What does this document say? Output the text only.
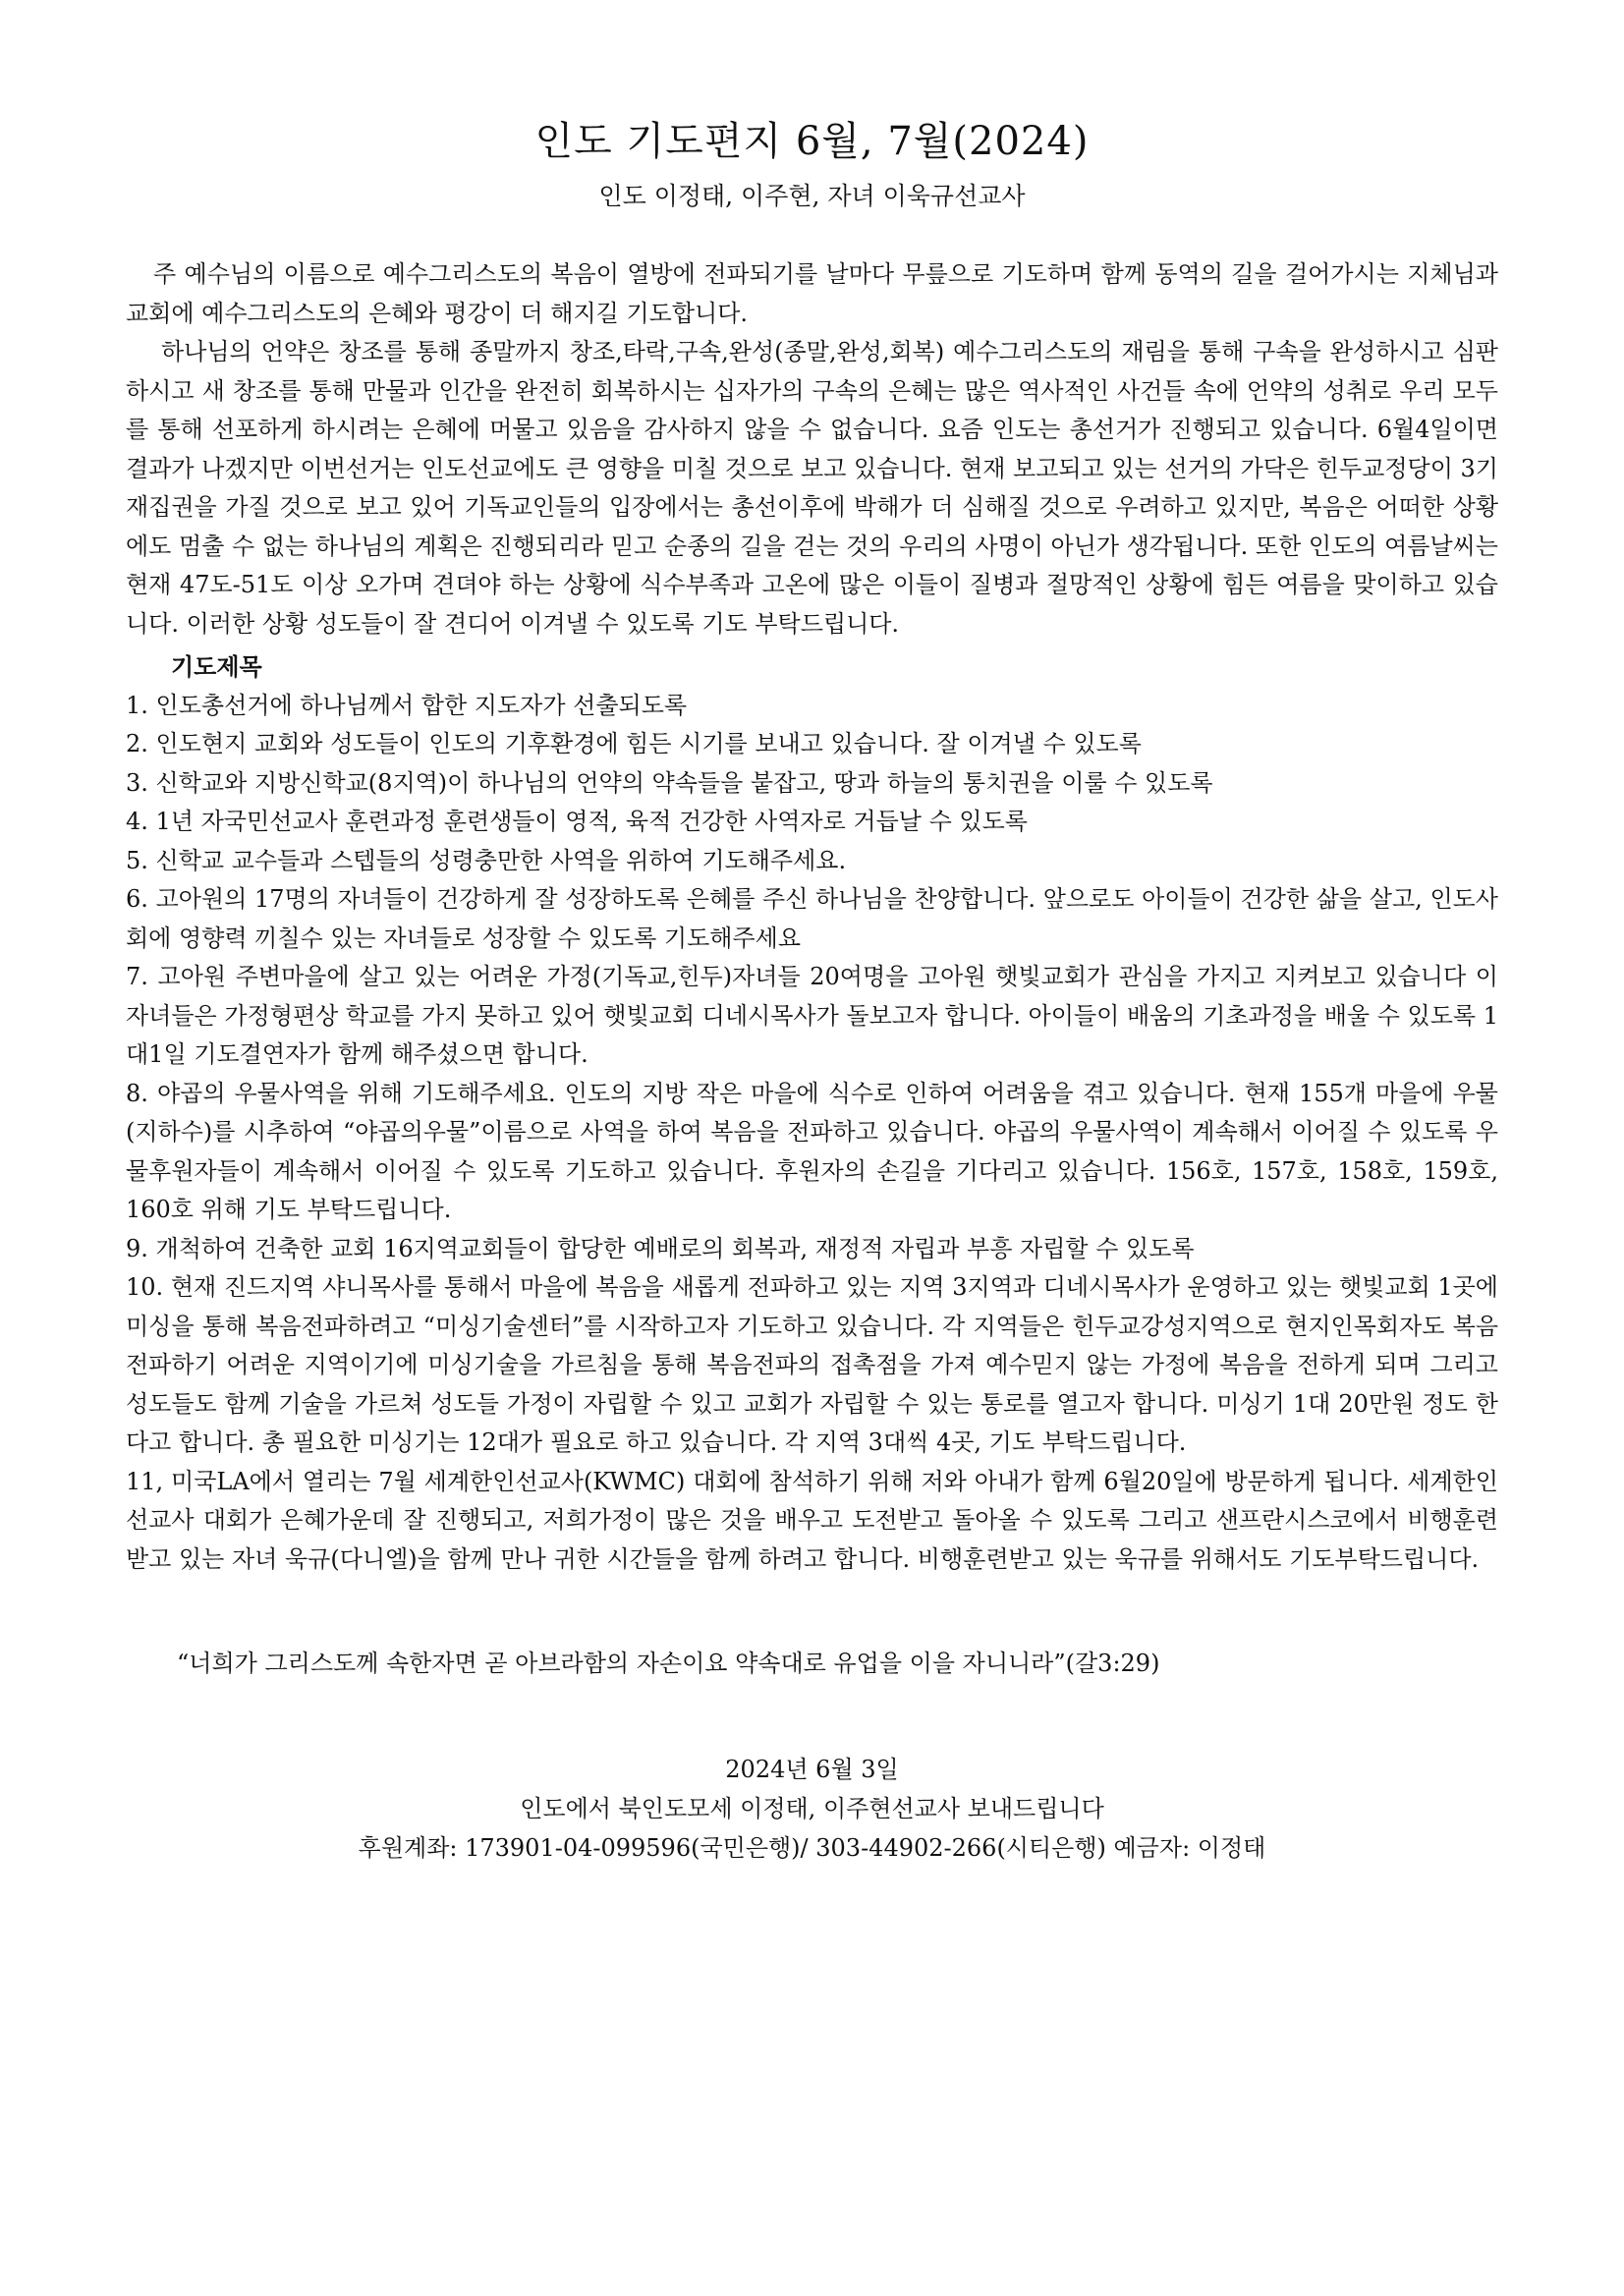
인도 기도편지 6월, 7월(2024)
인도 이정태, 이주현, 자녀 이욱규선교사

주 예수님의 이름으로 예수그리스도의 복음이 열방에 전파되기를 날마다 무릎으로 기도하며 함께 동역의 길을 걸어가시는 지체님과 교회에 예수그리스도의 은혜와 평강이 더 해지길 기도합니다.

하나님의 언약은 창조를 통해 종말까지 창조,타락,구속,완성(종말,완성,회복) 예수그리스도의 재림을 통해 구속을 완성하시고 심판하시고 새 창조를 통해 만물과 인간을 완전히 회복하시는 십자가의 구속의 은혜는 많은 역사적인 사건들 속에 언약의 성취로 우리 모두를 통해 선포하게 하시려는 은혜에 머물고 있음을 감사하지 않을 수 없습니다. 요즘 인도는 총선거가 진행되고 있습니다. 6월4일이면 결과가 나겠지만 이번선거는 인도선교에도 큰 영향을 미칠 것으로 보고 있습니다. 현재 보고되고 있는 선거의 가닥은 힌두교정당이 3기 재집권을 가질 것으로 보고 있어 기독교인들의 입장에서는 총선이후에 박해가 더 심해질 것으로 우려하고 있지만, 복음은 어떠한 상황에도 멈출 수 없는 하나님의 계획은 진행되리라 믿고 순종의 길을 걷는 것의 우리의 사명이 아닌가 생각됩니다. 또한 인도의 여름날씨는 현재 47도-51도 이상 오가며 견뎌야 하는 상황에 식수부족과 고온에 많은 이들이 질병과 절망적인 상황에 힘든 여름을 맞이하고 있습니다. 이러한 상황 성도들이 잘 견디어 이겨낼 수 있도록 기도 부탁드립니다.

기도제목
1. 인도총선거에 하나님께서 합한 지도자가 선출되도록
2. 인도현지 교회와 성도들이 인도의 기후환경에 힘든 시기를 보내고 있습니다. 잘 이겨낼 수 있도록
3. 신학교와 지방신학교(8지역)이 하나님의 언약의 약속들을 붙잡고, 땅과 하늘의 통치권을 이룰 수 있도록
4. 1년 자국민선교사 훈련과정 훈련생들이 영적, 육적 건강한 사역자로 거듭날 수 있도록
5. 신학교 교수들과 스텝들의 성령충만한 사역을 위하여 기도해주세요.
6. 고아원의 17명의 자녀들이 건강하게 잘 성장하도록 은혜를 주신 하나님을 찬양합니다. 앞으로도 아이들이 건강한 삶을 살고, 인도사회에 영향력 끼칠수 있는 자녀들로 성장할 수 있도록 기도해주세요
7. 고아원 주변마을에 살고 있는 어려운 가정(기독교,힌두)자녀들 20여명을 고아원 햇빛교회가 관심을 가지고 지켜보고 있습니다 이 자녀들은 가정형편상 학교를 가지 못하고 있어 햇빛교회 디네시목사가 돌보고자 합니다. 아이들이 배움의 기초과정을 배울 수 있도록 1대1일 기도결연자가 함께 해주셨으면 합니다.
8. 야곱의 우물사역을 위해 기도해주세요. 인도의 지방 작은 마을에 식수로 인하여 어려움을 겪고 있습니다. 현재 155개 마을에 우물(지하수)를 시추하여 “야곱의우물”이름으로 사역을 하여 복음을 전파하고 있습니다. 야곱의 우물사역이 계속해서 이어질 수 있도록 우물후원자들이 계속해서 이어질 수 있도록 기도하고 있습니다. 후원자의 손길을 기다리고 있습니다. 156호, 157호, 158호, 159호, 160호 위해 기도 부탁드립니다.
9. 개척하여 건축한 교회 16지역교회들이 합당한 예배로의 회복과, 재정적 자립과 부흥 자립할 수 있도록
10. 현재 진드지역 샤니목사를 통해서 마을에 복음을 새롭게 전파하고 있는 지역 3지역과 디네시목사가 운영하고 있는 햇빛교회 1곳에 미싱을 통해 복음전파하려고 “미싱기술센터”를 시작하고자 기도하고 있습니다. 각 지역들은 힌두교강성지역으로 현지인목회자도 복음전파하기 어려운 지역이기에 미싱기술을 가르침을 통해 복음전파의 접촉점을 가져 예수믿지 않는 가정에 복음을 전하게 되며 그리고 성도들도 함께 기술을 가르쳐 성도들 가정이 자립할 수 있고 교회가 자립할 수 있는 통로를 열고자 합니다. 미싱기 1대 20만원 정도 한다고 합니다. 총 필요한 미싱기는 12대가 필요로 하고 있습니다. 각 지역 3대씩 4곳, 기도 부탁드립니다.
11, 미국LA에서 열리는 7월 세계한인선교사(KWMC) 대회에 참석하기 위해 저와 아내가 함께 6월20일에 방문하게 됩니다. 세계한인선교사 대회가 은혜가운데 잘 진행되고, 저희가정이 많은 것을 배우고 도전받고 돌아올 수 있도록 그리고 샌프란시스코에서 비행훈련받고 있는 자녀 욱규(다니엘)을 함께 만나 귀한 시간들을 함께 하려고 합니다. 비행훈련받고 있는 욱규를 위해서도 기도부탁드립니다.
“너희가 그리스도께 속한자면 곧 아브라함의 자손이요 약속대로 유업을 이을 자니니라”(갈3:29)
2024년 6월 3일
인도에서 북인도모세 이정태, 이주현선교사 보내드립니다
후원계좌: 173901-04-099596(국민은행)/ 303-44902-266(시티은행) 예금자: 이정태
